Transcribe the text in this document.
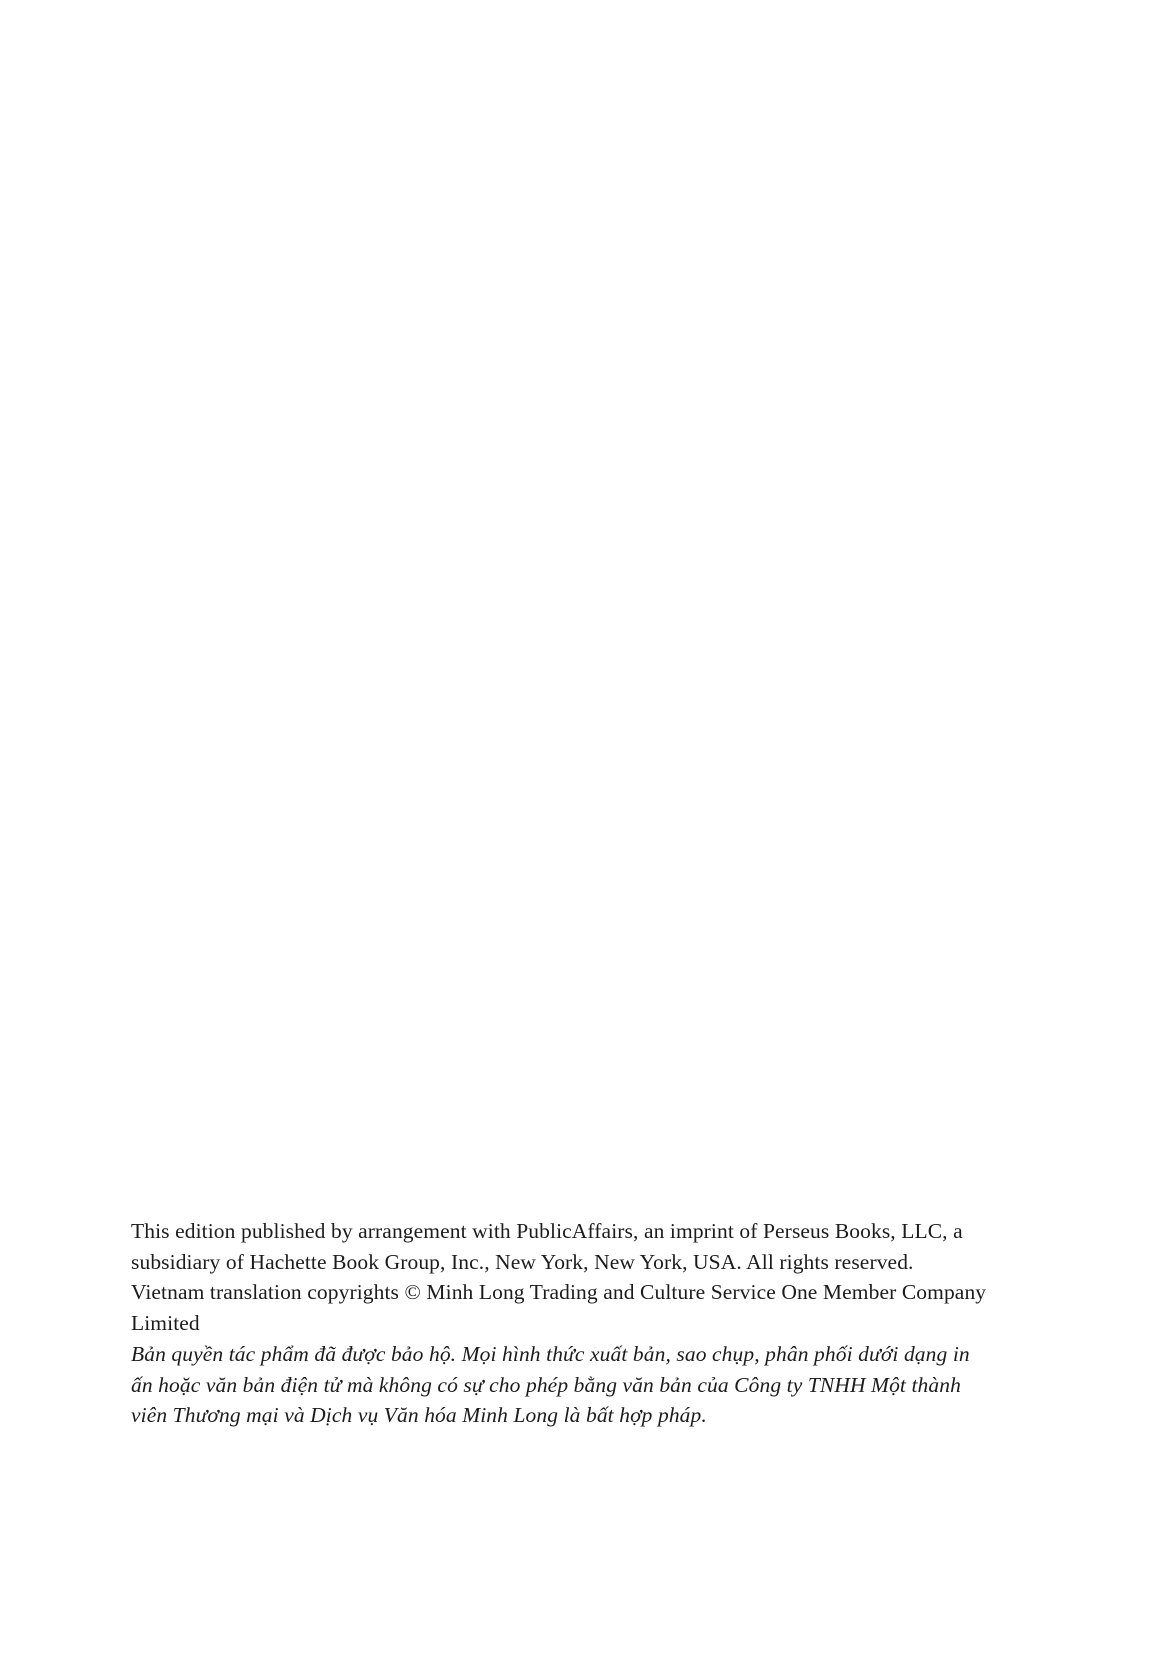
This edition published by arrangement with PublicAffairs, an imprint of Perseus Books, LLC, a subsidiary of Hachette Book Group, Inc., New York, New York, USA. All rights reserved. Vietnam translation copyrights © Minh Long Trading and Culture Service One Member Company Limited

Bản quyền tác phẩm đã được bảo hộ. Mọi hình thức xuất bản, sao chụp, phân phối dưới dạng in ấn hoặc văn bản điện tử mà không có sự cho phép bằng văn bản của Công ty TNHH Một thành viên Thương mại và Dịch vụ Văn hóa Minh Long là bất hợp pháp.
